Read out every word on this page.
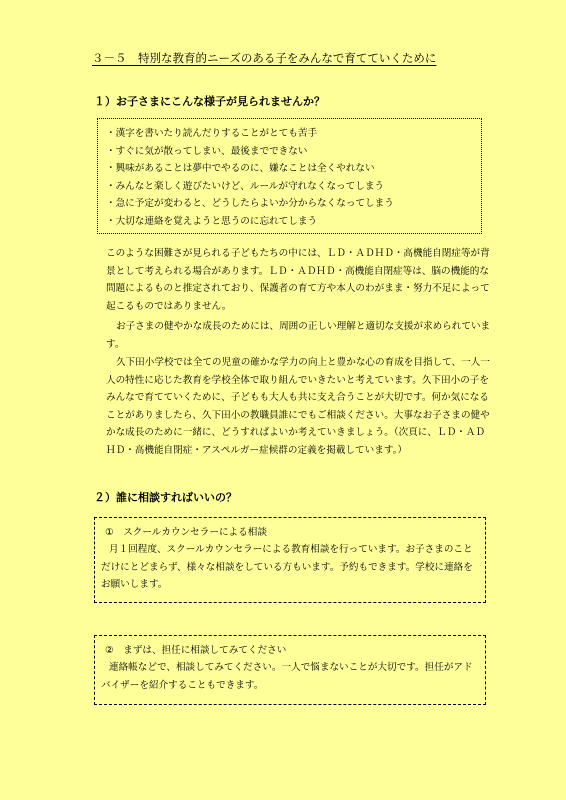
３－５　特別な教育的ニーズのある子をみんなで育てていくために
１）お子さまにこんな様子が見られませんか？
・漢字を書いたり読んだりすることがとても苦手
・すぐに気が散ってしまい、最後までできない
・興味があることは夢中でやるのに、嫌なことは全くやれない
・みんなと楽しく遊びたいけど、ルールが守れなくなってしまう
・急に予定が変わると、どうしたらよいか分からなくなってしまう
・大切な連絡を覚えようと思うのに忘れてしまう
このような困難さが見られる子どもたちの中には、ＬＤ・ＡＤＨＤ・高機能自閉症等が背景として考えられる場合があります。ＬＤ・ＡＤＨＤ・高機能自閉症等は、脳の機能的な問題によるものと推定されており、保護者の育て方や本人のわがまま・努力不足によって起こるものではありません。
お子さまの健やかな成長のためには、周囲の正しい理解と適切な支援が求められています。
久下田小学校では全ての児童の確かな学力の向上と豊かな心の育成を目指して、一人一人の特性に応じた教育を学校全体で取り組んでいきたいと考えています。久下田小の子をみんなで育てていくために、子どもも大人も共に支え合うことが大切です。何か気になることがありましたら、久下田小の教職員誰にでもご相談ください。大事なお子さまの健やかな成長のために一緒に、どうすればよいか考えていきましょう。（次頁に、ＬＤ・ＡＤＨＤ・高機能自閉症・アスペルガー症候群の定義を掲載しています。）
２）誰に相談すればいいの？
①　スクールカウンセラーによる相談
月１回程度、スクールカウンセラーによる教育相談を行っています。お子さまのことだけにとどまらず、様々な相談をしている方もいます。予約もできます。学校に連絡をお願いします。
②　まずは、担任に相談してみてください
連絡帳などで、相談してみてください。一人で悩まないことが大切です。担任がアドバイザーを紹介することもできます。
